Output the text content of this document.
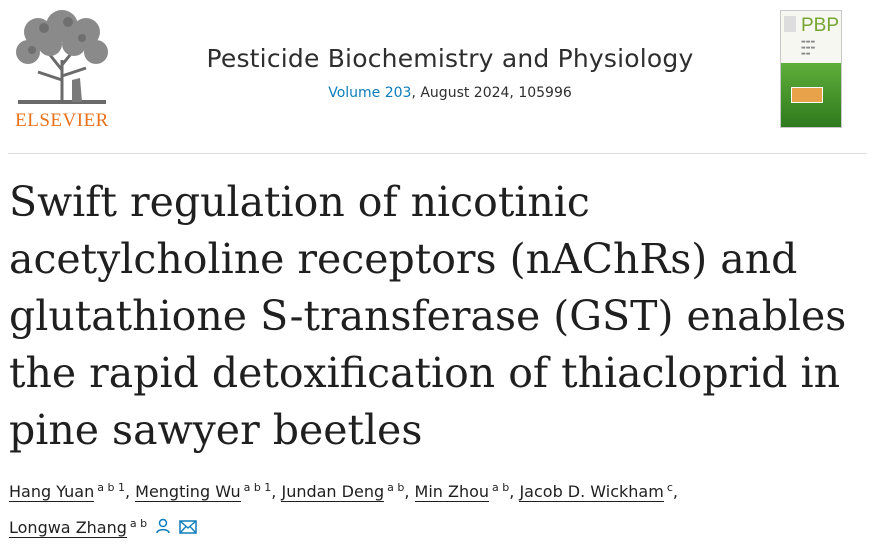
ELSEVIER
Pesticide Biochemistry and Physiology
Volume 203, August 2024, 105996
PBP
▬▬▬
▬▬▬
▬▬
Swift regulation of nicotinic acetylcholine receptors (nAChRs) and glutathione S-transferase (GST) enables the rapid detoxification of thiacloprid in pine sawyer beetles
Hang Yuan $^{a b 1}$, Mengting Wu $^{a b 1}$, Jundan Deng $^{a b}$, Min Zhou $^{a b}$, Jacob D. Wickham $^c$,
Longwa Zhang $^{a b}$
